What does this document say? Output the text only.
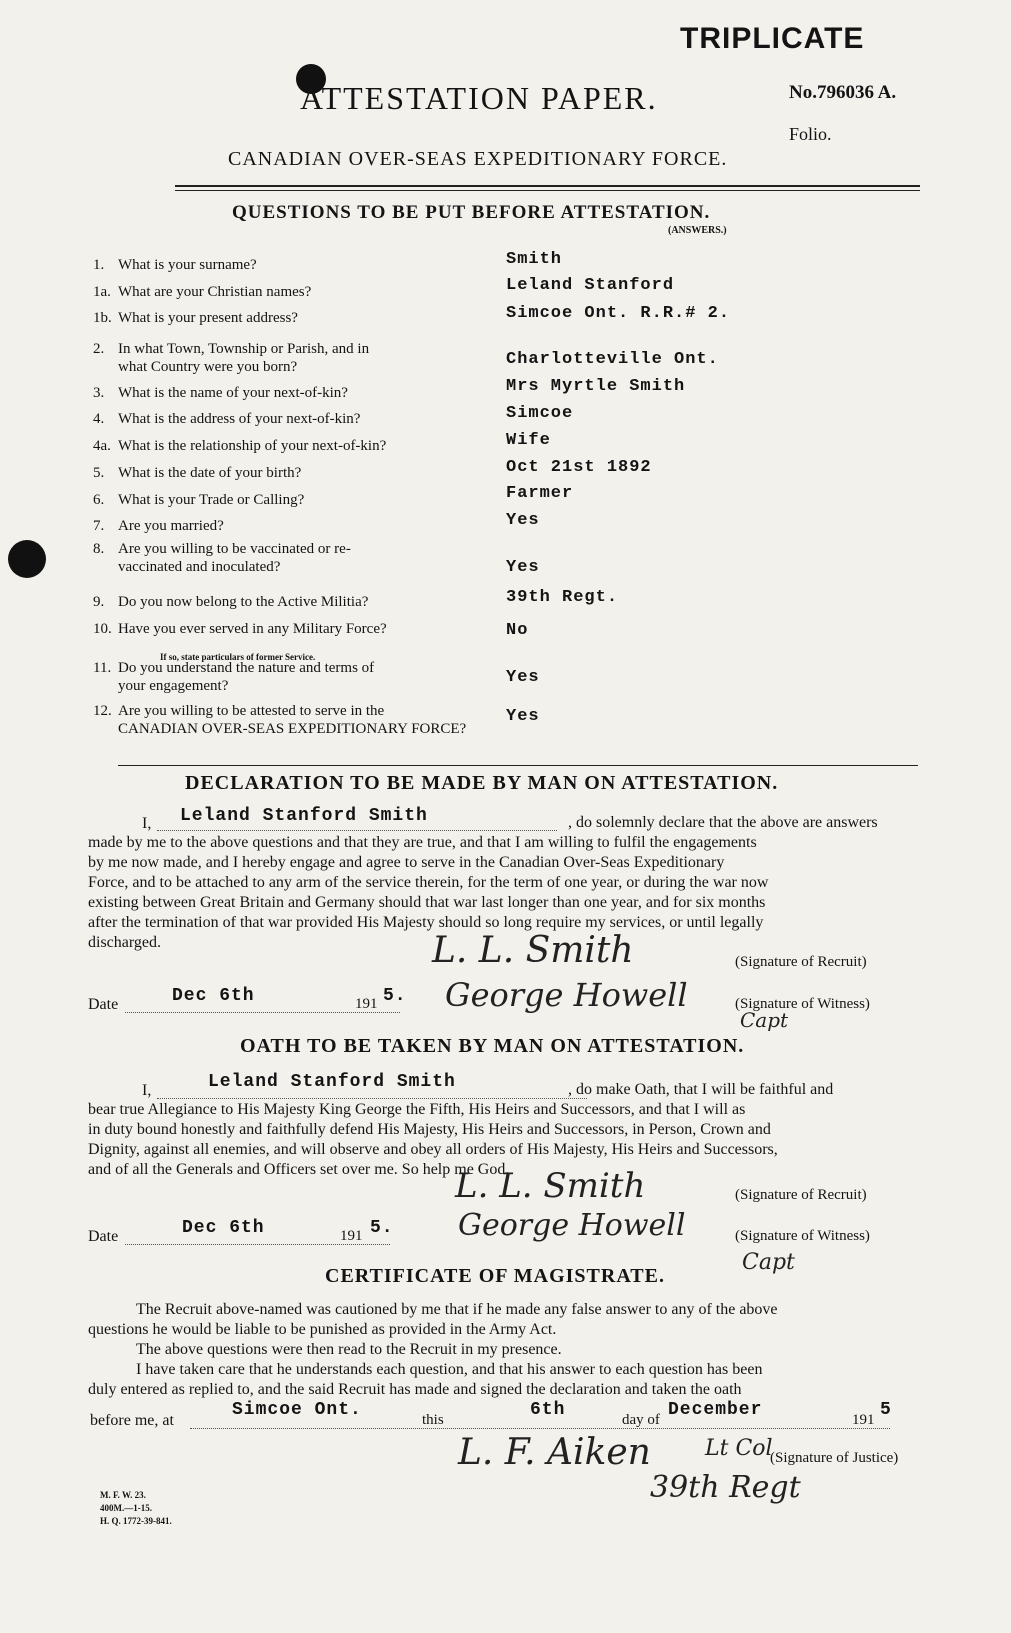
TRIPLICATE
ATTESTATION PAPER.	No.796036 A.
Folio.
CANADIAN OVER-SEAS EXPEDITIONARY FORCE.
QUESTIONS TO BE PUT BEFORE ATTESTATION.
(ANSWERS.)
1. What is your surname?	Smith
1a. What are your Christian names?	Leland Stanford
1b. What is your present address?	Simcoe Ont. R.R.# 2.
2. In what Town, Township or Parish, and in
what Country were you born?	Charlotteville Ont.
3. What is the name of your next-of-kin?	Mrs Myrtle Smith
4. What is the address of your next-of-kin?	Simcoe
4a. What is the relationship of your next-of-kin?	Wife
5. What is the date of your birth?	Oct 21st 1892
6. What is your Trade or Calling?	Farmer
7. Are you married?	Yes
8. Are you willing to be vaccinated or re-
vaccinated and inoculated?	Yes
9. Do you now belong to the Active Militia?	39th Regt.
10. Have you ever served in any Military Force?	No
11. Do you understand the nature and terms of
your engagement?	Yes
12. Are you willing to be attested to serve in the
CANADIAN OVER-SEAS EXPEDITIONARY FORCE?
Yes
If so, state particulars of former Service.
DECLARATION TO BE MADE BY MAN ON ATTESTATION.
I, Leland Stanford Smith	, do solemnly declare that the above are answers
made by me to the above questions and that they are true, and that I am willing to fulfil the engagements
by me now made, and I hereby engage and agree to serve in the Canadian Over-Seas Expeditionary
Force, and to be attached to any arm of the service therein, for the term of one year, or during the war now
existing between Great Britain and Germany should that war last longer than one year, and for six months
after the termination of that war provided His Majesty should so long require my services, or until legally
discharged.	L. L. Smith	(Signature of Recruit)
Date	Dec 6th	191 5. George Howell
Capt
(Signature of Witness)
OATH TO BE TAKEN BY MAN ON ATTESTATION.
I,	Leland Stanford Smith	, do make Oath, that I will be faithful and
bear true Allegiance to His Majesty King George the Fifth, His Heirs and Successors, and that I will as
in duty bound honestly and faithfully defend His Majesty, His Heirs and Successors, in Person, Crown and
Dignity, against all enemies, and will observe and obey all orders of His Majesty, His Heirs and Successors,
and of all the Generals and Officers set over me. So help me God.
L. L. Smith	(Signature of Recruit)
Date	Dec 6th	191 5. George Howell	(Signature of Witness)
Capt
CERTIFICATE OF MAGISTRATE.
The Recruit above-named was cautioned by me that if he made any false answer to any of the above
questions he would be liable to be punished as provided in the Army Act.
The above questions were then read to the Recruit in my presence.
I have taken care that he understands each question, and that his answer to each question has been
duly entered as replied to, and the said Recruit has made and signed the declaration and taken the oath
before me, at
Simcoe Ont.	this	6th	day of December	191 5
L. F. Aiken Lt Col
(Signature of Justice)
39th Regt
M. F. W. 23.
400M.—1-15.
H. Q. 1772-39-841.
